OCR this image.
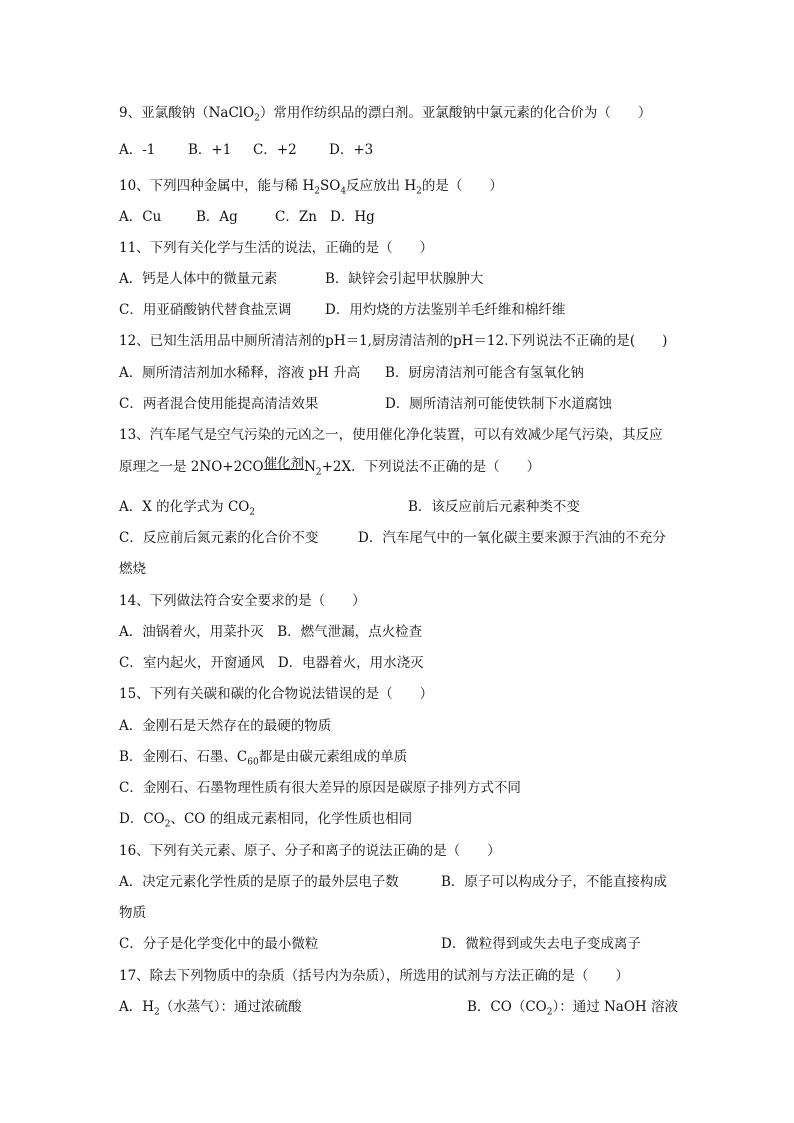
9、亚氯酸钠（NaClO$_2$）常用作纺织品的漂白剂。亚氯酸钠中氯元素的化合价为（　　）
A．-1 B．+1 C．+2 D．+3
10、下列四种金属中，能与稀 $H_2SO_4$反应放出 $H_2$的是（　　）
A．Cu	B．Ag	C．Zn D．Hg
11、下列有关化学与生活的说法，正确的是（　　）
A．钙是人体中的微量元素	B．缺锌会引起甲状腺肿大
C．用亚硝酸钠代替食盐烹调 D．用灼烧的方法鉴别羊毛纤维和棉纤维
12、已知生活用品中厕所清洁剂的pH＝1,厨房清洁剂的pH＝12.下列说法不正确的是(　　)
A．厕所清洁剂加水稀释，溶液 pH 升高 B．厨房清洁剂可能含有氢氧化钠
C．两者混合使用能提高清洁效果	D．厕所清洁剂可能使铁制下水道腐蚀
13、汽车尾气是空气污染的元凶之一，使用催化净化装置，可以有效减少尾气污染，其反应
原理之一是 2NO+2CO催化剂$N_2+2X$．下列说法不正确的是（　　）
A．X 的化学式为 $CO_2$	B．该反应前后元素种类不变
C．反应前后氮元素的化合价不变	D．汽车尾气中的一氧化碳主要来源于汽油的不充分
燃烧
14、下列做法符合安全要求的是（　　）
A．油锅着火，用菜扑灭　B．燃气泄漏，点火检查
C．室内起火，开窗通风　D．电器着火，用水浇灭
15、下列有关碳和碳的化合物说法错误的是（　　）
A．金刚石是天然存在的最硬的物质
B．金刚石、石墨、$C_{60}$都是由碳元素组成的单质
C．金刚石、石墨物理性质有很大差异的原因是碳原子排列方式不同
D．$CO_2$、CO 的组成元素相同，化学性质也相同
16、下列有关元素、原子、分子和离子的说法正确的是（　　）
A．决定元素化学性质的是原子的最外层电子数	B．原子可以构成分子，不能直接构成
物质
C．分子是化学变化中的最小微粒	D．微粒得到或失去电子变成离子
17、除去下列物质中的杂质（括号内为杂质），所选用的试剂与方法正确的是（　　）
A．$H_2$（水蒸气）：通过浓硫酸	B．$CO(CO_2)$：通过 NaOH 溶液
